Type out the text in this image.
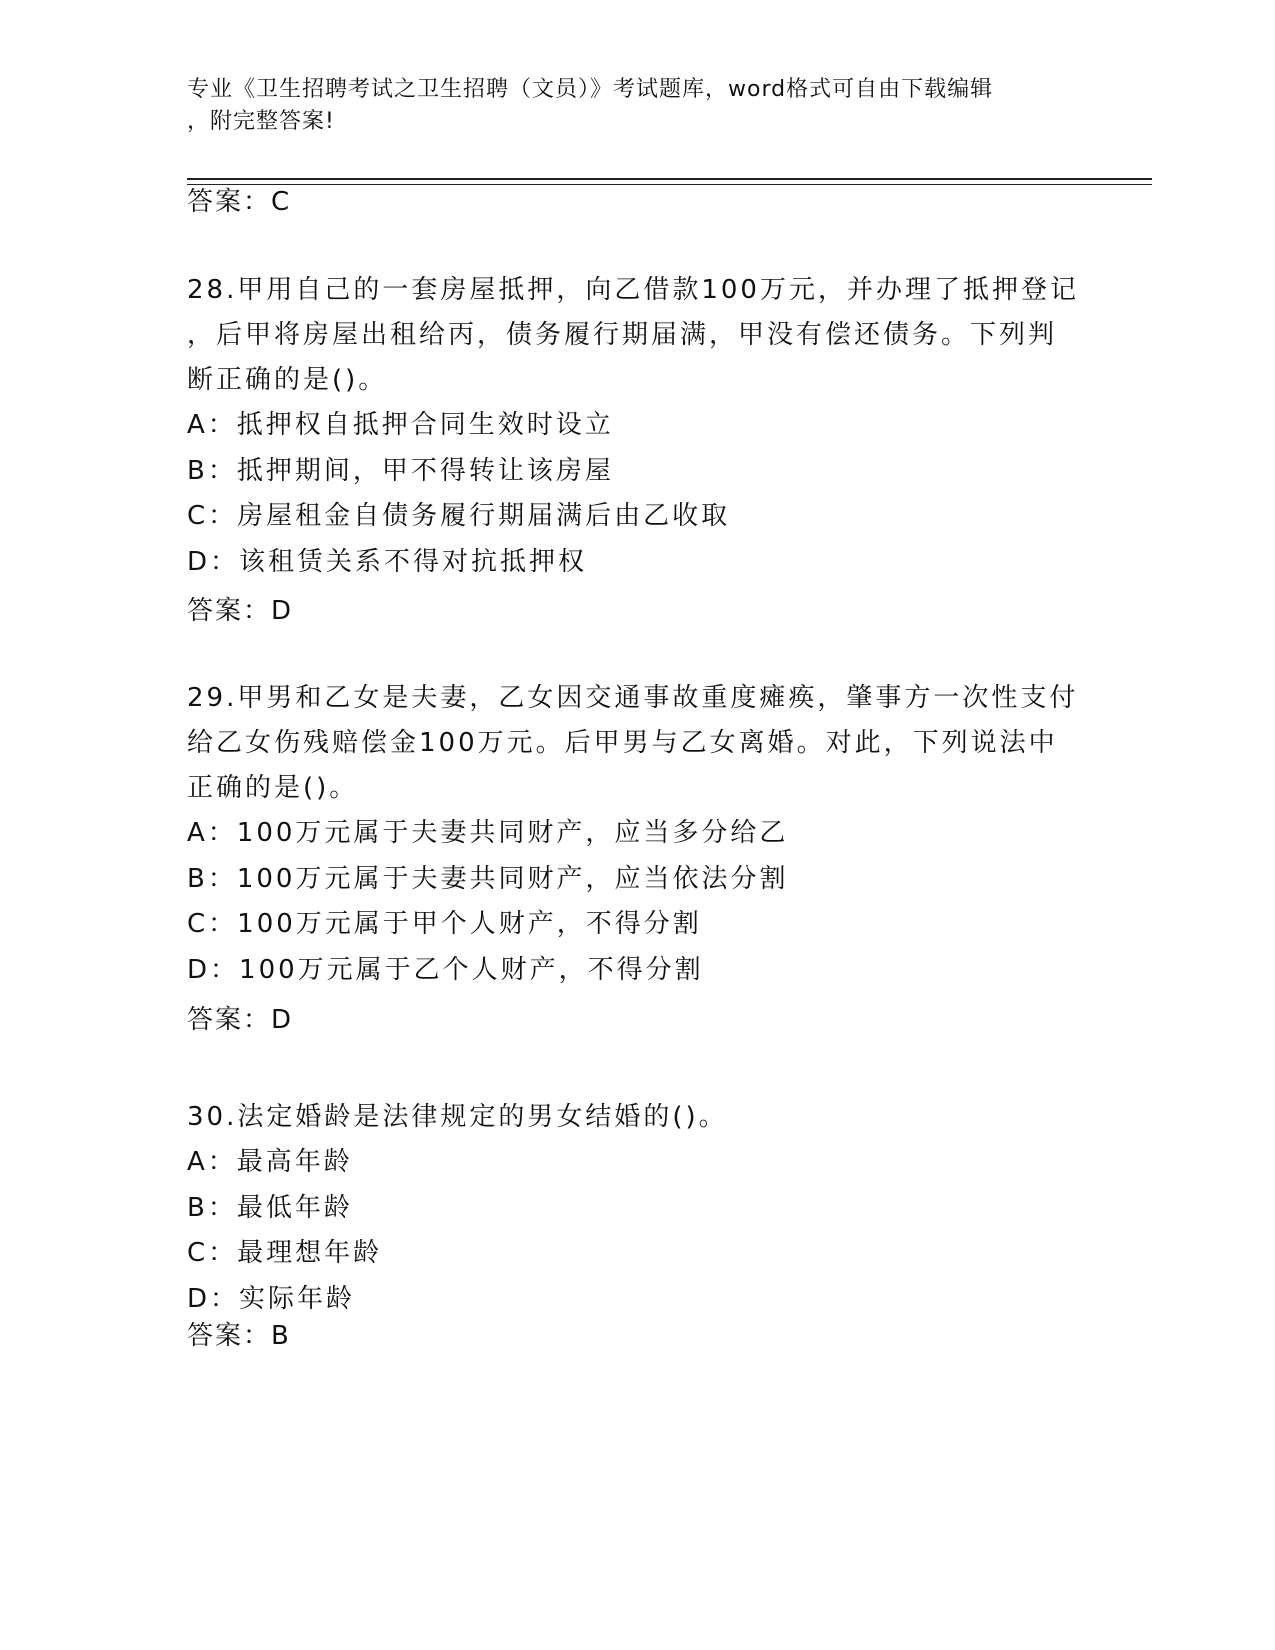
专业《卫生招聘考试之卫生招聘（文员）》考试题库，word格式可自由下载编辑
，附完整答案!
答案：C
28.甲用自己的一套房屋抵押，向乙借款100万元，并办理了抵押登记
，后甲将房屋出租给丙，债务履行期届满，甲没有偿还债务。下列判
断正确的是()。
A：抵押权自抵押合同生效时设立
B：抵押期间，甲不得转让该房屋
C：房屋租金自债务履行期届满后由乙收取
D：该租赁关系不得对抗抵押权
答案：D
29.甲男和乙女是夫妻，乙女因交通事故重度瘫痪，肇事方一次性支付
给乙女伤残赔偿金100万元。后甲男与乙女离婚。对此，下列说法中
正确的是()。
A：100万元属于夫妻共同财产，应当多分给乙
B：100万元属于夫妻共同财产，应当依法分割
C：100万元属于甲个人财产，不得分割
D：100万元属于乙个人财产，不得分割
答案：D
30.法定婚龄是法律规定的男女结婚的()。
A：最高年龄
B：最低年龄
C：最理想年龄
D：实际年龄
答案：B
